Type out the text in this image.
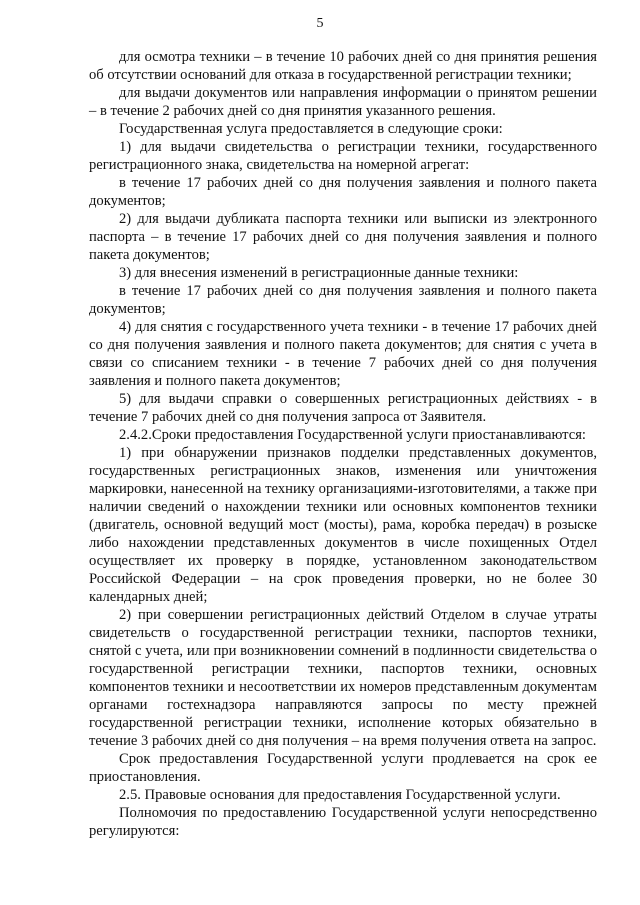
5

для осмотра техники – в течение 10 рабочих дней со дня принятия решения об отсутствии оснований для отказа в государственной регистрации техники;

для выдачи документов или направления информации о принятом решении – в течение 2 рабочих дней со дня принятия указанного решения.

Государственная услуга предоставляется в следующие сроки:

1) для выдачи свидетельства о регистрации техники, государственного регистрационного знака, свидетельства на номерной агрегат:

в течение 17 рабочих дней со дня получения заявления и полного пакета документов;

2) для выдачи дубликата паспорта техники или выписки из электронного паспорта – в течение 17 рабочих дней со дня получения заявления и полного пакета документов;

3) для внесения изменений в регистрационные данные техники:

в течение 17 рабочих дней со дня получения заявления и полного пакета документов;

4) для снятия с государственного учета техники - в течение 17 рабочих дней со дня получения заявления и полного пакета документов; для снятия с учета в связи со списанием техники - в течение 7 рабочих дней со дня получения заявления и полного пакета документов;

5) для выдачи справки о совершенных регистрационных действиях - в течение 7 рабочих дней со дня получения запроса от Заявителя.

2.4.2.Сроки предоставления Государственной услуги приостанавливаются:

1) при обнаружении признаков подделки представленных документов, государственных регистрационных знаков, изменения или уничтожения маркировки, нанесенной на технику организациями-изготовителями, а также при наличии сведений о нахождении техники или основных компонентов техники (двигатель, основной ведущий мост (мосты), рама, коробка передач) в розыске либо нахождении представленных документов в числе похищенных Отдел осуществляет их проверку в порядке, установленном законодательством Российской Федерации – на срок проведения проверки, но не более 30 календарных дней;

2) при совершении регистрационных действий Отделом в случае утраты свидетельств о государственной регистрации техники, паспортов техники, снятой с учета, или при возникновении сомнений в подлинности свидетельства о государственной регистрации техники, паспортов техники, основных компонентов техники и несоответствии их номеров представленным документам органами гостехнадзора направляются запросы по месту прежней государственной регистрации техники, исполнение которых обязательно в течение 3 рабочих дней со дня получения – на время получения ответа на запрос.

Срок предоставления Государственной услуги продлевается на срок ее приостановления.

2.5. Правовые основания для предоставления Государственной услуги.

Полномочия по предоставлению Государственной услуги непосредственно регулируются:
